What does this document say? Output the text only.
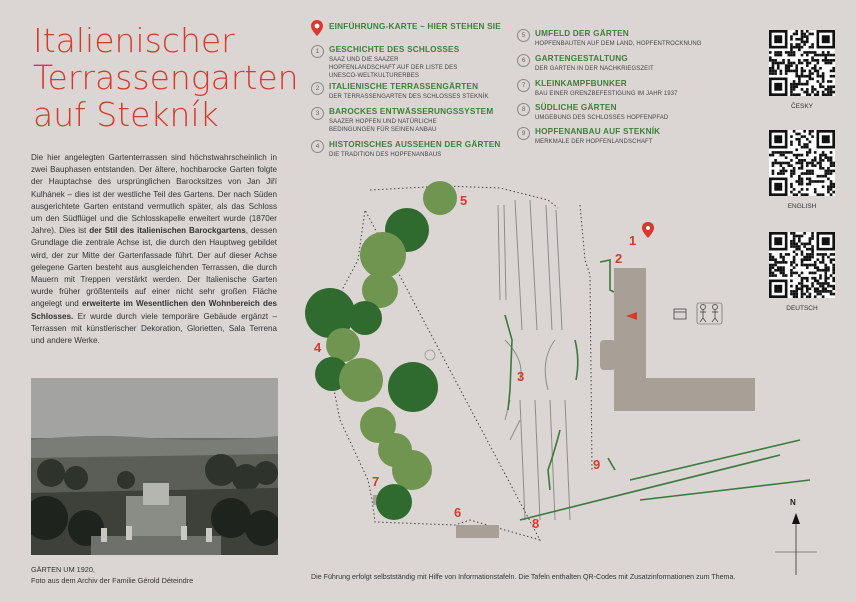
Italienischer
Terrassengarten
auf Stekník
Die hier angelegten Gartenterrassen sind höchstwahrscheinlich in zwei Bauphasen entstanden. Der ältere, hochbarocke Garten folgte der Hauptachse des ursprünglichen Barocksitzes von Jan Jiří Kulhánek – dies ist der westliche Teil des Gartens. Der nach Süden ausgerichtete Garten entstand vermutlich später, als das Schloss um den Südflügel und die Schlosskapelle erweitert wurde (1870er Jahre). Dies ist der Stil des italienischen Barockgartens, dessen Grundlage die zentrale Achse ist, die durch den Hauptweg gebildet wird, der zur Mitte der Gartenfassade führt. Der auf dieser Achse gelegene Garten besteht aus ausgleichenden Terrassen, die durch Mauern mit Treppen verstärkt werden. Der Italienische Garten wurde früher größtenteils auf einer nicht sehr großen Fläche angelegt und erweiterte im Wesentlichen den Wohnbereich des Schlosses. Er wurde durch viele temporäre Gebäude ergänzt – Terrassen mit künstlerischer Dekoration, Glorietten, Sala Terrena und andere Werke.
GÄRTEN UM 1920,
Foto aus dem Archiv der Familie Gérold Déteindre
EINFÜHRUNG-KARTE – HIER STEHEN SIE
1	GESCHICHTE DES SCHLOSSES
SAAZ UND DIE SAAZER HOPFENLANDSCHAFT AUF DER LISTE DES UNESCO-WELTKULTURERBES
2	ITALIENISCHE TERRASSENGÄRTEN
DER TERRASSENGARTEN DES SCHLOSSES STEKNÍK
3	BAROCKES ENTWÄSSERUNGSSYSTEM
SAAZER HOPFEN UND NATÜRLICHE BEDINGUNGEN FÜR SEINEN ANBAU
4	HISTORISCHES AUSSEHEN DER GÄRTEN
DIE TRADITION DES HOPFENANBAUS
5	UMFELD DER GÄRTEN
HOPFENBAUTEN AUF DEM LAND, HOPFENTROCKNUNG
6	GARTENGESTALTUNG
DER GARTEN IN DER NACHKRIEGSZEIT
7	KLEINKAMPFBUNKER
BAU EINER GRENZBEFESTIGUNG IM JAHR 1937
8	SÜDLICHE GÄRTEN
UMGEBUNG DES SCHLOSSES HOPFENPFAD
9	HOPFENANBAU AUF STEKNÍK
MERKMALE DER HOPFENLANDSCHAFT
ČESKY
ENGLISH
DEUTSCH
N
1
2
3
4
5
6
7
8
9
Die Führung erfolgt selbstständig mit Hilfe von Informationstafeln. Die Tafeln enthalten QR-Codes mit Zusatzinformationen zum Thema.
